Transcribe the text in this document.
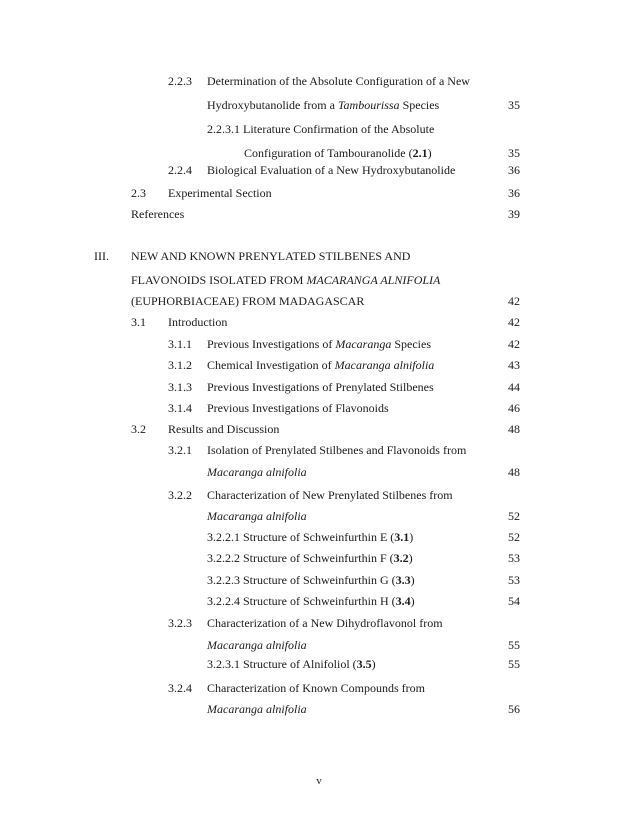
2.2.3 Determination of the Absolute Configuration of a New
Hydroxybutanolide from a Tambourissa Species	35
2.2.3.1 Literature Confirmation of the Absolute
Configuration of Tambouranolide (2.1)	35
2.2.4 Biological Evaluation of a New Hydroxybutanolide	36
2.3 Experimental Section	36
References	39
III. NEW AND KNOWN PRENYLATED STILBENES AND
FLAVONOIDS ISOLATED FROM MACARANGA ALNIFOLIA
(EUPHORBIACEAE) FROM MADAGASCAR	42
3.1 Introduction	42
3.1.1 Previous Investigations of Macaranga Species	42
3.1.2 Chemical Investigation of Macaranga alnifolia	43
3.1.3 Previous Investigations of Prenylated Stilbenes	44
3.1.4 Previous Investigations of Flavonoids	46
3.2 Results and Discussion	48
3.2.1 Isolation of Prenylated Stilbenes and Flavonoids from
Macaranga alnifolia	48
3.2.2 Characterization of New Prenylated Stilbenes from
Macaranga alnifolia	52
3.2.2.1 Structure of Schweinfurthin E (3.1)	52
3.2.2.2 Structure of Schweinfurthin F (3.2)	53
3.2.2.3 Structure of Schweinfurthin G (3.3)	53
3.2.2.4 Structure of Schweinfurthin H (3.4)	54
3.2.3 Characterization of a New Dihydroflavonol from
Macaranga alnifolia	55
3.2.3.1 Structure of Alnifoliol (3.5)	55
3.2.4 Characterization of Known Compounds from
Macaranga alnifolia	56
v
